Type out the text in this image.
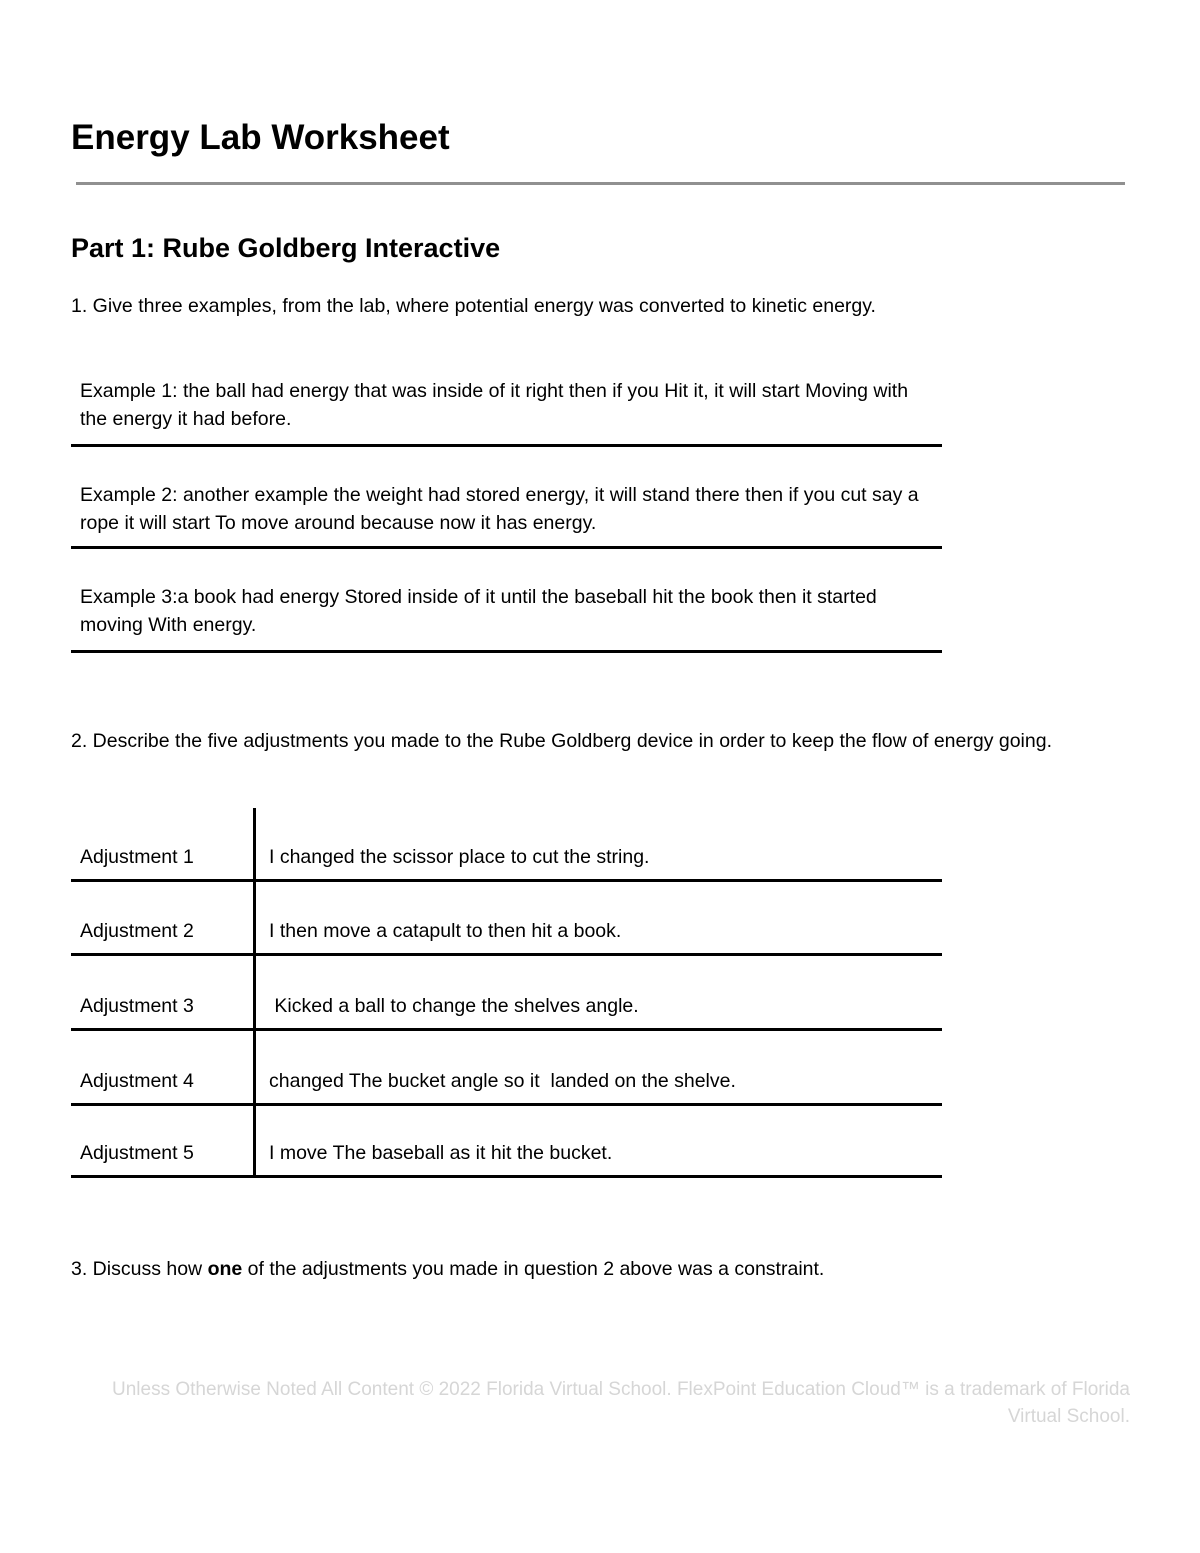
Energy Lab Worksheet
Part 1: Rube Goldberg Interactive

1. Give three examples, from the lab, where potential energy was converted to kinetic energy.

Example 1: the ball had energy that was inside of it right then if you Hit it, it will start Moving with the energy it had before.

Example 2: another example the weight had stored energy, it will stand there then if you cut say a rope it will start To move around because now it has energy.

Example 3:a book had energy Stored inside of it until the baseball hit the book then it started moving With energy.

2. Describe the five adjustments you made to the Rube Goldberg device in order to keep the flow of energy going.

Adjustment 1	I changed the scissor place to cut the string.
Adjustment 2	I then move a catapult to then hit a book.
Adjustment 3	Kicked a ball to change the shelves angle.
Adjustment 4	changed The bucket angle so it  landed on the shelve.
Adjustment 5	I move The baseball as it hit the bucket.

3. Discuss how one of the adjustments you made in question 2 above was a constraint.

Unless Otherwise Noted All Content © 2022 Florida Virtual School. FlexPoint Education Cloud™ is a trademark of Florida Virtual School.
